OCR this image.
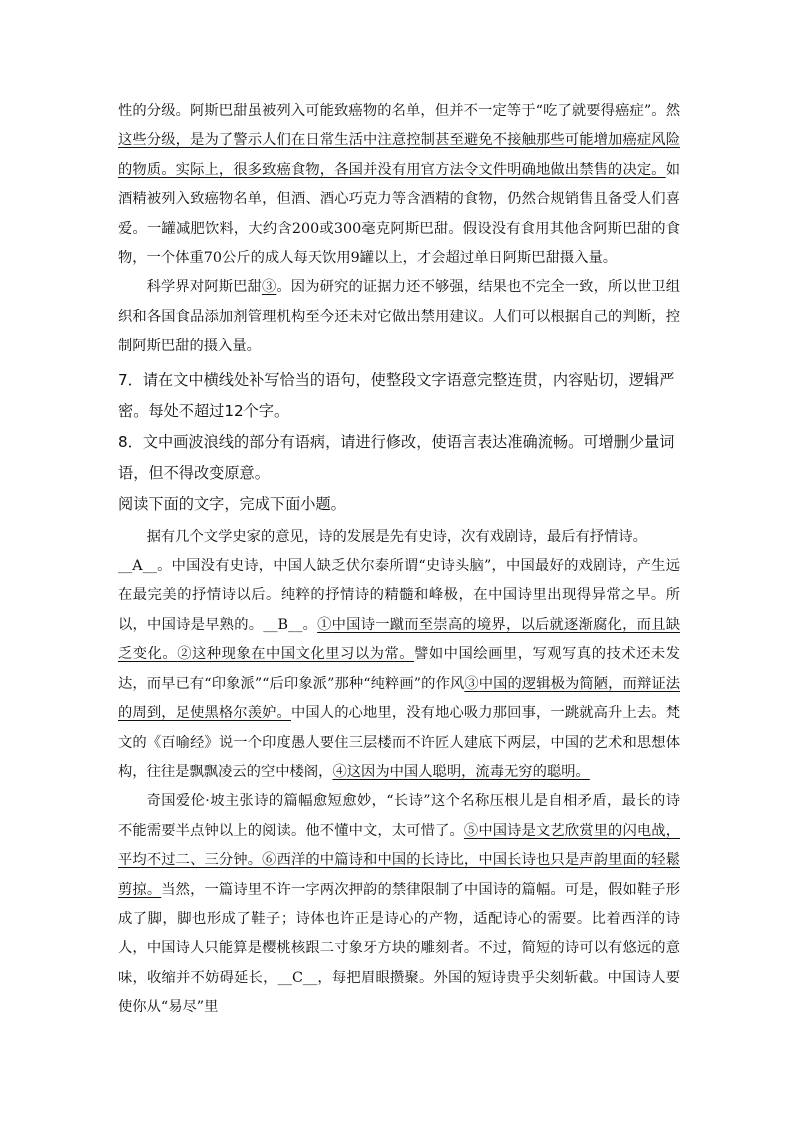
性的分级。阿斯巴甜虽被列入可能致癌物的名单，但并不一定等于“吃了就要得癌症”。然这些分级，是为了警示人们在日常生活中注意控制甚至避免不接触那些可能增加癌症风险的物质。实际上，很多致癌食物，各国并没有用官方法令文件明确地做出禁售的决定。如酒精被列入致癌物名单，但酒、酒心巧克力等含酒精的食物，仍然合规销售且备受人们喜爱。一罐减肥饮料，大约含200或300毫克阿斯巴甜。假设没有食用其他含阿斯巴甜的食物，一个体重70公斤的成人每天饮用9罐以上，才会超过单日阿斯巴甜摄入量。

科学界对阿斯巴甜③。因为研究的证据力还不够强，结果也不完全一致，所以世卫组织和各国食品添加剂管理机构至今还未对它做出禁用建议。人们可以根据自己的判断，控制阿斯巴甜的摄入量。

7．请在文中横线处补写恰当的语句，使整段文字语意完整连贯，内容贴切，逻辑严密。每处不超过12个字。

8．文中画波浪线的部分有语病，请进行修改，使语言表达准确流畅。可增删少量词语，但不得改变原意。

阅读下面的文字，完成下面小题。

据有几个文学史家的意见，诗的发展是先有史诗，次有戏剧诗，最后有抒情诗。

__A__。中国没有史诗，中国人缺乏伏尔泰所谓“史诗头脑”，中国最好的戏剧诗，产生远在最完美的抒情诗以后。纯粹的抒情诗的精髓和峰极，在中国诗里出现得异常之早。所以，中国诗是早熟的。__B__。①中国诗一蹴而至崇高的境界，以后就逐渐腐化，而且缺乏变化。②这种现象在中国文化里习以为常。譬如中国绘画里，写观写真的技术还未发达，而早已有“印象派”“后印象派”那种“纯粹画”的作风③中国的逻辑极为简陋，而辩证法的周到，足使黑格尔羡妒。中国人的心地里，没有地心吸力那回事，一跳就高升上去。梵文的《百喻经》说一个印度愚人要住三层楼而不许匠人建底下两层，中国的艺术和思想体构，往往是飘飘凌云的空中楼阁，④这因为中国人聪明，流毒无穷的聪明。

奇国爱伦·坡主张诗的篇幅愈短愈妙，“长诗”这个名称压根儿是自相矛盾，最长的诗不能需要半点钟以上的阅读。他不懂中文，太可惜了。⑤中国诗是文艺欣赏里的闪电战，平均不过二、三分钟。⑥西洋的中篇诗和中国的长诗比，中国长诗也只是声韵里面的轻鬆剪掠。当然，一篇诗里不许一字两次押韵的禁律限制了中国诗的篇幅。可是，假如鞋子形成了脚，脚也形成了鞋子；诗体也许正是诗心的产物，适配诗心的需要。比着西洋的诗人，中国诗人只能算是樱桃核跟二寸象牙方块的雕刻者。不过，简短的诗可以有悠远的意味，收缩并不妨碍延长，__C__，每把眉眼攒聚。外国的短诗贵乎尖刻斩截。中国诗人要使你从“易尽”里
